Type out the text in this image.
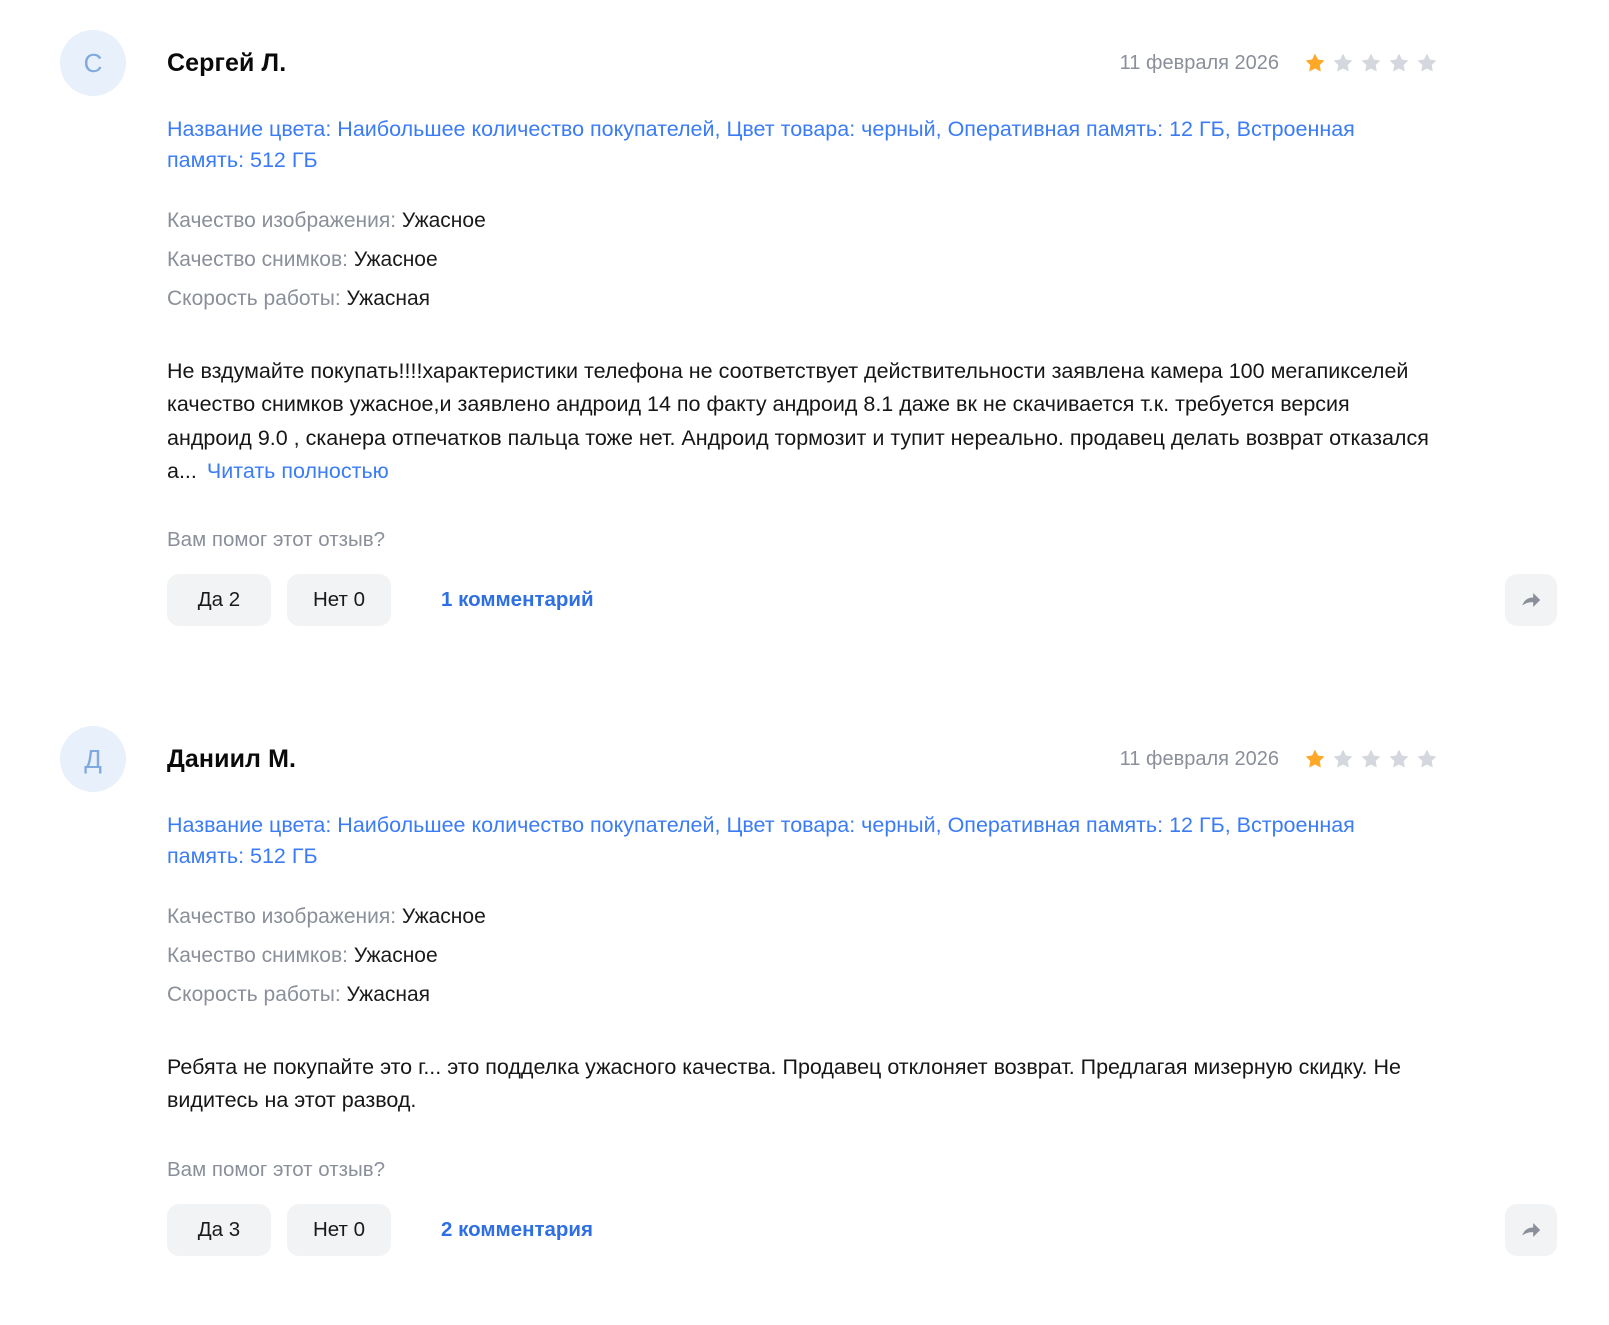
С	Сергей Л.	11 февраля 2026
Название цвета: Наибольшее количество покупателей, Цвет товара: черный, Оперативная память: 12 ГБ, Встроенная память: 512 ГБ
Качество изображения: Ужасное
Качество снимков: Ужасное
Скорость работы: Ужасная
Не вздумайте покупать!!!!характеристики телефона не соответствует действительности заявлена камера 100 мегапикселей качество снимков ужасное,и заявлено андроид 14 по факту андроид 8.1 даже вк не скачивается т.к. требуется версия андроид 9.0 , сканера отпечатков пальца тоже нет. Андроид тормозит и тупит нереально. продавец делать возврат отказался а... Читать полностью
Вам помог этот отзыв?
Да 2	Нет 0	1 комментарий
Д	Даниил М.	11 февраля 2026
Название цвета: Наибольшее количество покупателей, Цвет товара: черный, Оперативная память: 12 ГБ, Встроенная память: 512 ГБ
Качество изображения: Ужасное
Качество снимков: Ужасное
Скорость работы: Ужасная
Ребята не покупайте это г... это подделка ужасного качества. Продавец отклоняет возврат. Предлагая мизерную скидку. Не видитесь на этот развод.
Вам помог этот отзыв?
Да 3	Нет 0	2 комментария
